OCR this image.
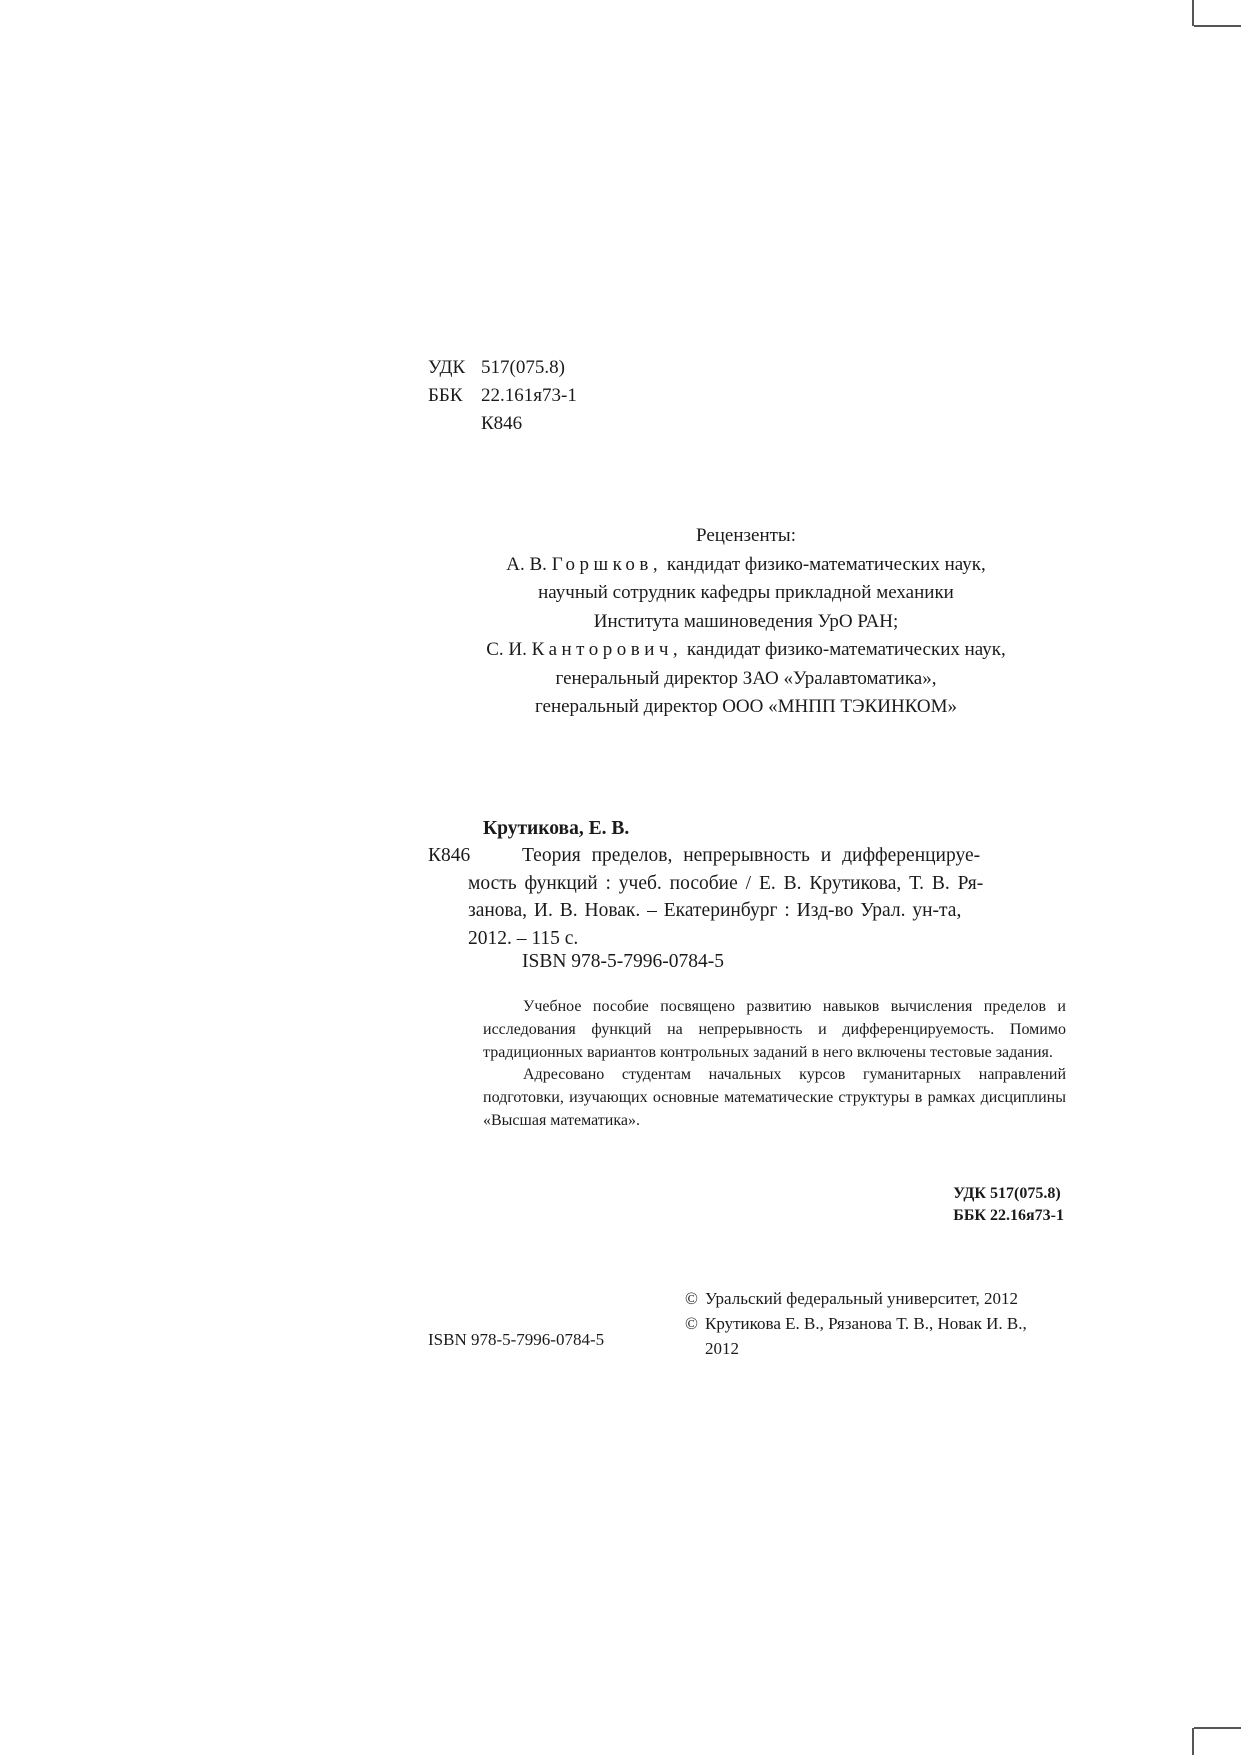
УДК 517(075.8)
ББК 22.161я73-1
К846
Рецензенты:
А. В. Горшков, кандидат физико-математических наук,
научный сотрудник кафедры прикладной механики
Института машиноведения УрО РАН;
С. И. Канторович, кандидат физико-математических наук,
генеральный директор ЗАО «Уралавтоматика»,
генеральный директор ООО «МНПП ТЭКИНКОМ»
Крутикова, Е. В.
К846	Теория пределов, непрерывность и дифференцируе-
мость функций : учеб. пособие / Е. В. Крутикова, Т. В. Ря-
занова, И. В. Новак. – Екатеринбург : Изд-во Урал. ун-та,
2012. – 115 с.
ISBN 978-5-7996-0784-5

Учебное пособие посвящено развитию навыков вычисления пределов и исследования функций на непрерывность и дифференцируемость. Помимо традиционных вариантов контрольных заданий в него включены тестовые задания.

Адресовано студентам начальных курсов гуманитарных направлений подготовки, изучающих основные математические структуры в рамках дисциплины «Высшая математика».

УДК 517(075.8)
ББК 22.16я73-1
© Уральский федеральный университет, 2012
© Крутикова Е. В., Рязанова Т. В., Новак И. В.,
2012
ISBN 978-5-7996-0784-5
